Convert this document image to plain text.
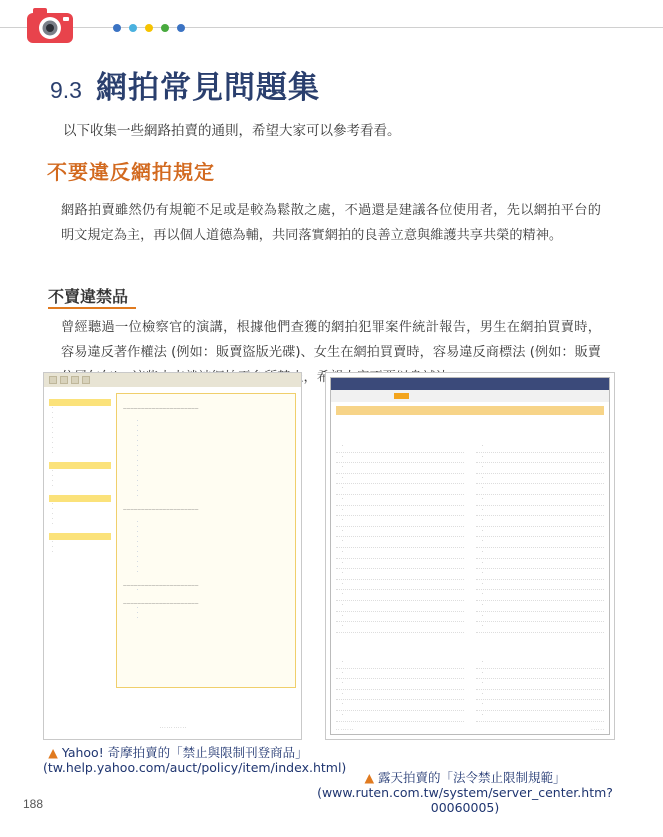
9.3 網拍常見問題集
以下收集一些網路拍賣的通則，希望大家可以參考看看。
不要違反網拍規定
網路拍賣雖然仍有規範不足或是較為鬆散之處，不過還是建議各位使用者，先以網拍平台的明文規定為主，再以個人道德為輔，共同落實網拍的良善立意與維護共享共榮的精神。
不賣違禁品
曾經聽過一位檢察官的演講，根據他們查獲的網拍犯罪案件統計報告，男生在網拍買賣時，容易違反著作權法 (例如：販賣盜版光碟)、女生在網拍買賣時，容易違反商標法 (例如：販賣 止，希
·
·
·
·
·
·
·
·
·
·
·
·
·
·
·
·
·
·
·
·
·
·
—————————————————————
·
·
·
·
·
·
·
·
·
·
·
·
·
·
·
·
—————————————————————
·
·
·
·
·
·
·
·
·
·
·
—————————————————————
·
—————————————————————
·
·
·
· · · · · · · · · · · ·

·	·
·	·
·	·
·	·
·	·
·	·
·	·
·	·
·	·
·	·
·	·
·	·
·	·
·	·
·	·
·	·
·	·
·	·
·	·
·	·
·	·
·	·
·	·
·	·
· · · · · · · ·	· · · · · ·
▲ Yahoo! 奇摩拍賣的「禁止與限制刊登商品」
(tw.help.yahoo.com/auct/policy/item/index.html)
▲ 露天拍賣的「法令禁止限制規範」
(www.ruten.com.tw/system/server_center.htm?00060005)
188
